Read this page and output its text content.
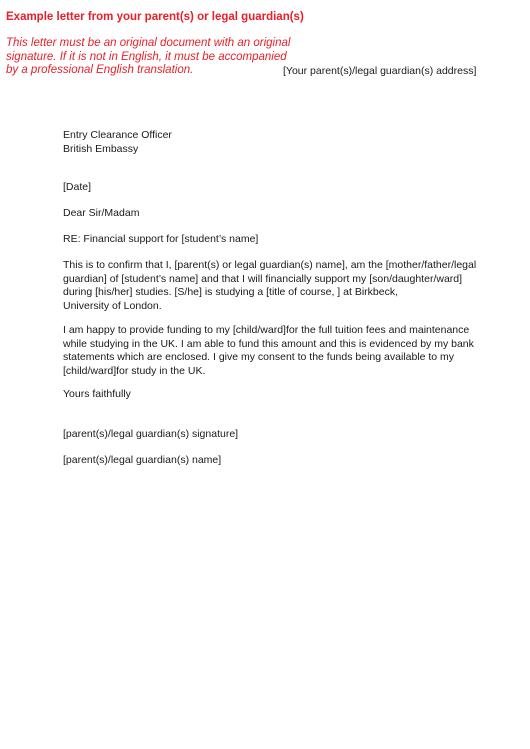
Example letter from your parent(s) or legal guardian(s)
This letter must be an original document with an original
signature. If it is not in English, it must be accompanied
by a professional English translation.	[Your parent(s)/legal guardian(s) address]
Entry Clearance Officer
British Embassy
[Date]
Dear Sir/Madam
RE: Financial support for [student’s name]
This is to confirm that I, [parent(s) or legal guardian(s) name], am the [mother/father/legal
guardian] of [student’s name] and that I will financially support my [son/daughter/ward]
during [his/her] studies. [S/he] is studying a [title of course, ] at Birkbeck,
University of London.
I am happy to provide funding to my [child/ward]for the full tuition fees and maintenance
while studying in the UK. I am able to fund this amount and this is evidenced by my bank
statements which are enclosed. I give my consent to the funds being available to my
[child/ward]for study in the UK.
Yours faithfully
[parent(s)/legal guardian(s) signature]
[parent(s)/legal guardian(s) name]
